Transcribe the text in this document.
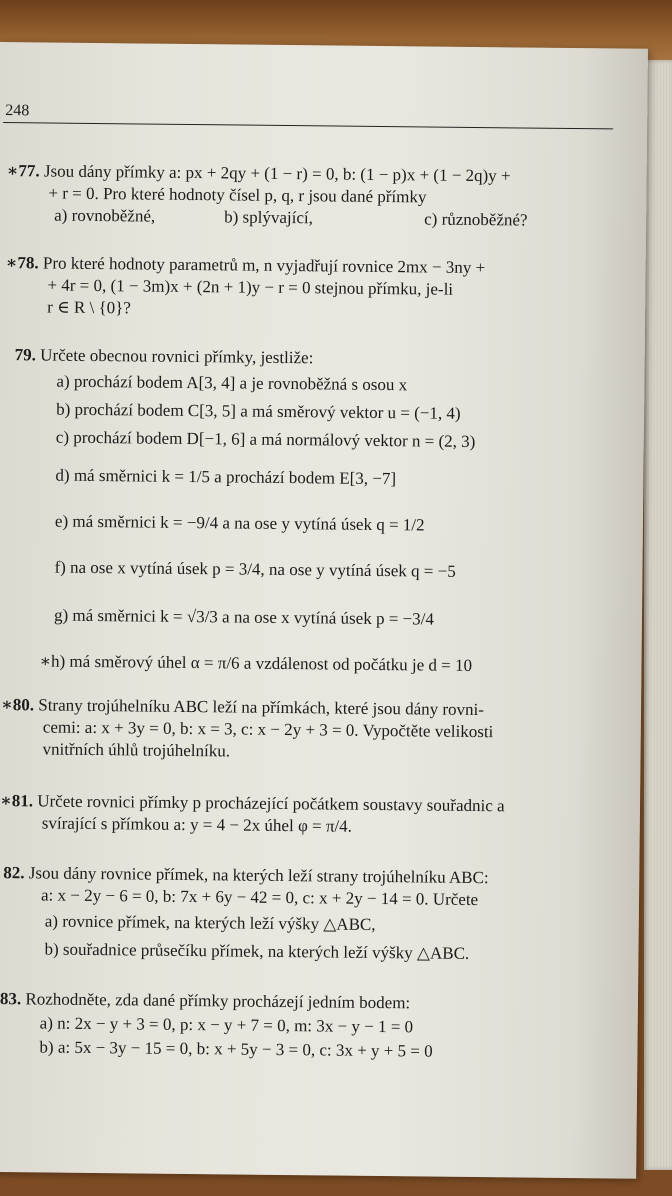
248
∗77. Jsou dány přímky a: px + 2qy + (1 − r) = 0, b: (1 − p)x + (1 − 2q)y +
+ r = 0. Pro které hodnoty čísel p, q, r jsou dané přímky
a) rovnoběžné,	b) splývající,	c) různoběžné?
∗78. Pro které hodnoty parametrů m, n vyjadřují rovnice 2mx − 3ny +
+ 4r = 0, (1 − 3m)x + (2n + 1)y − r = 0 stejnou přímku, je-li
r ∈ R \ {0}?
79. Určete obecnou rovnici přímky, jestliže:
a) prochází bodem A[3, 4] a je rovnoběžná s osou x
b) prochází bodem C[3, 5] a má směrový vektor u = (−1, 4)
c) prochází bodem D[−1, 6] a má normálový vektor n = (2, 3)
d) má směrnici k = 1/5 a prochází bodem E[3, −7]
e) má směrnici k = −9/4 a na ose y vytíná úsek q = 1/2
f) na ose x vytíná úsek p = 3/4, na ose y vytíná úsek q = −5
g) má směrnici k = √3/3 a na ose x vytíná úsek p = −3/4
∗h) má směrový úhel α = π/6 a vzdálenost od počátku je d = 10
∗80. Strany trojúhelníku ABC leží na přímkách, které jsou dány rovni-
cemi: a: x + 3y = 0, b: x = 3, c: x − 2y + 3 = 0. Vypočtěte velikosti
vnitřních úhlů trojúhelníku.
∗81. Určete rovnici přímky p procházející počátkem soustavy souřadnic a
svírající s přímkou a: y = 4 − 2x úhel φ = π/4.
82. Jsou dány rovnice přímek, na kterých leží strany trojúhelníku ABC:
a: x − 2y − 6 = 0, b: 7x + 6y − 42 = 0, c: x + 2y − 14 = 0. Určete
a) rovnice přímek, na kterých leží výšky △ABC,
b) souřadnice průsečíku přímek, na kterých leží výšky △ABC.
83. Rozhodněte, zda dané přímky procházejí jedním bodem:
a) n: 2x − y + 3 = 0, p: x − y + 7 = 0, m: 3x − y − 1 = 0
b) a: 5x − 3y − 15 = 0, b: x + 5y − 3 = 0, c: 3x + y + 5 = 0
